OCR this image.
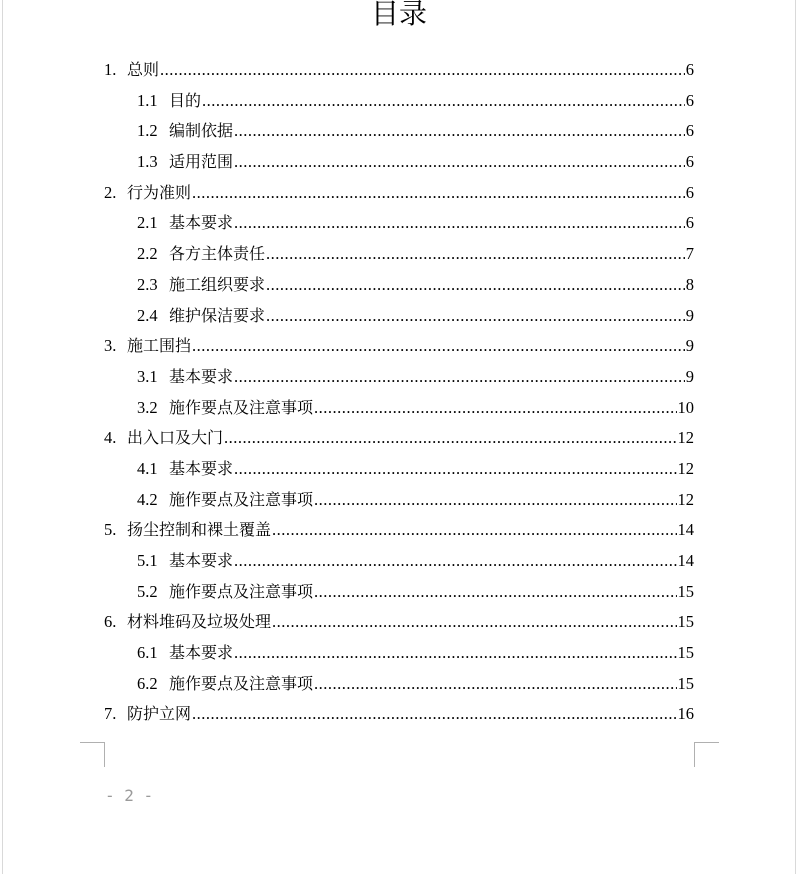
目录
1. 总则 .....	6
1.1 目的 .....	6
1.2 编制依据 .....	6
1.3 适用范围 .....	6
2. 行为准则 .....	6
2.1 基本要求 .....	6
2.2 各方主体责任 .....	7
2.3 施工组织要求 .....	8
2.4 维护保洁要求 .....	9
3. 施工围挡 .....	9
3.1 基本要求 .....	9
3.2 施作要点及注意事项 .....	10
4. 出入口及大门 .....	12
4.1 基本要求 .....	12
4.2 施作要点及注意事项 .....	12
5. 扬尘控制和裸土覆盖 .....	14
5.1 基本要求 .....	14
5.2 施作要点及注意事项 .....	15
6. 材料堆码及垃圾处理 .....	15
6.1 基本要求 .....	15
6.2 施作要点及注意事项 .....	15
7. 防护立网 .....	16
- 2 -
